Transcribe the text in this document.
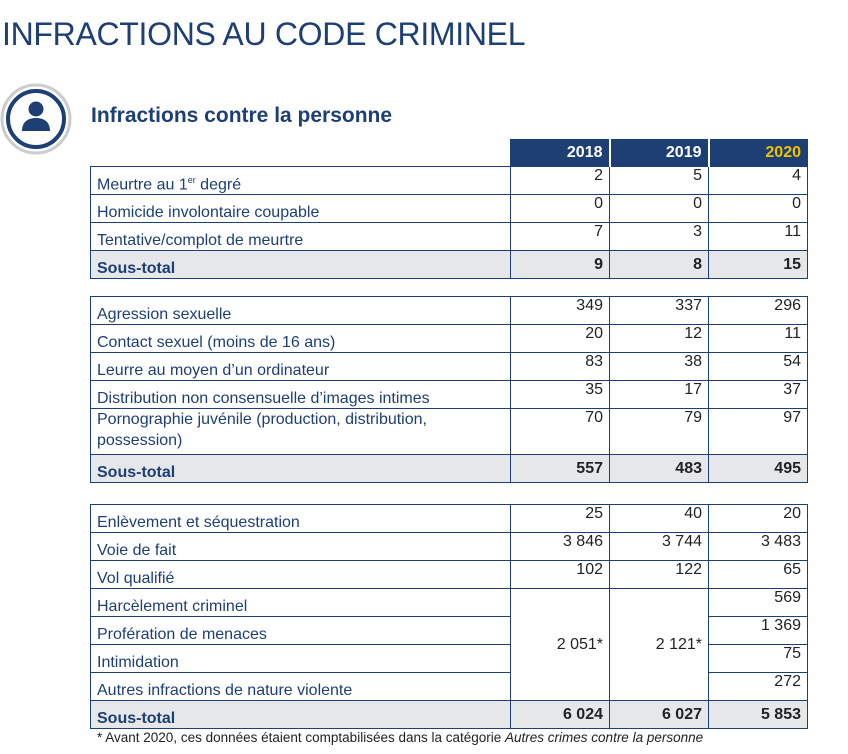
INFRACTIONS AU CODE CRIMINEL
Infractions contre la personne
	2018	2019	2020
Meurtre au 1er degré	2	5	4
Homicide involontaire coupable	0	0	0
Tentative/complot de meurtre	7	3	11
Sous-total	9	8	15
Agression sexuelle	349	337	296
Contact sexuel (moins de 16 ans)	20	12	11
Leurre au moyen d’un ordinateur	83	38	54
Distribution non consensuelle d’images intimes	35	17	37
Pornographie juvénile (production, distribution, possession)	70	79	97
Sous-total	557	483	495
Enlèvement et séquestration	25	40	20
Voie de fait	3 846	3 744	3 483
Vol qualifié	102	122	65
Harcèlement criminel	2 051*	2 121*	569
Profération de menaces			1 369
Intimidation			75
Autres infractions de nature violente			272
Sous-total	6 024	6 027	5 853

* Avant 2020, ces données étaient comptabilisées dans la catégorie Autres crimes contre la personne
